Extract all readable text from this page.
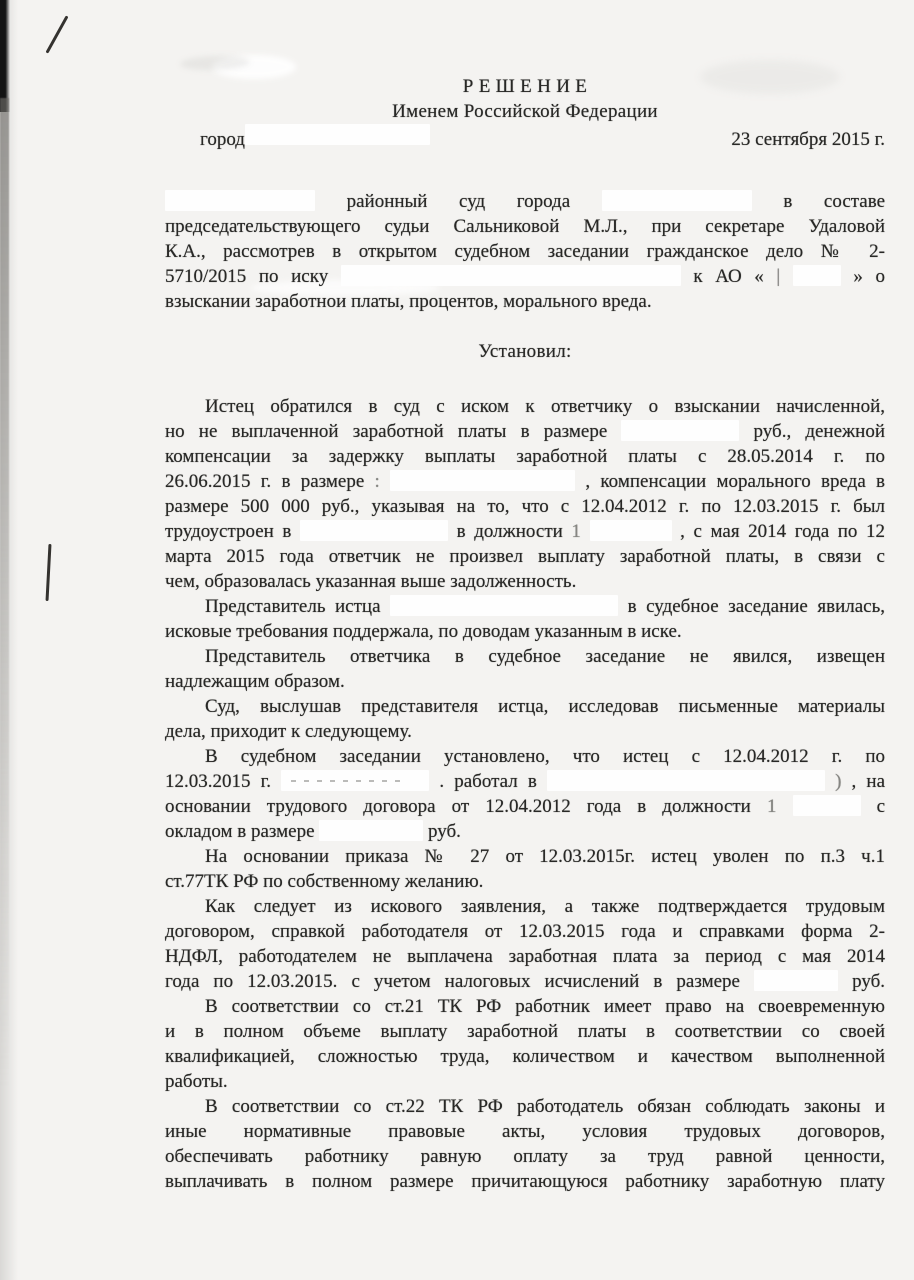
Р Е Ш Е Н И Е
Именем Российской Федерации
город	23 сентября 2015 г.
районный суд города	в составе
председательствующего судьи Сальниковой М.Л., при секретаре Удаловой
К.А., рассмотрев в открытом судебном заседании гражданское дело № 2-
5710/2015 по иску	к АО « |	» о
взыскании заработнои платы, процентов, морального вреда.
Установил:
Истец обратился в суд с иском к ответчику о взыскании начисленной,
но не выплаченной заработной платы в размере	руб., денежной
компенсации за задержку выплаты заработной платы с 28.05.2014 г. по
26.06.2015 г. в размере :	, компенсации морального вреда в
размере 500 000 руб., указывая на то, что с 12.04.2012 г. по 12.03.2015 г. был
трудоустроен в	в должности 1	, с мая 2014 года по 12
марта 2015 года ответчик не произвел выплату заработной платы, в связи с
чем, образовалась указанная выше задолженность.
Представитель истца	в судебное заседание явилась,
исковые требования поддержала, по доводам указанным в иске.
Представитель ответчика в судебное заседание не явился, извещен
надлежащим образом.
Суд, выслушав представителя истца, исследовав письменные материалы
дела, приходит к следующему.
В судебном заседании установлено, что истец с 12.04.2012 г. по
12.03.2015 г.	. работал в	) , на
основании трудового договора от 12.04.2012 года в должности 1	с
окладом в размере	руб.
На основании приказа № 27 от 12.03.2015г. истец уволен по п.3 ч.1
ст.77ТК РФ по собственному желанию.
Как следует из искового заявления, а также подтверждается трудовым
договором, справкой работодателя от 12.03.2015 года и справками форма 2-
НДФЛ, работодателем не выплачена заработная плата за период с мая 2014
года по 12.03.2015. с учетом налоговых исчислений в размере	руб.
В соответствии со ст.21 ТК РФ работник имеет право на своевременную
и в полном объеме выплату заработной платы в соответствии со своей
квалификацией, сложностью труда, количеством и качеством выполненной
работы.
В соответствии со ст.22 ТК РФ работодатель обязан соблюдать законы и
иные нормативные правовые акты, условия трудовых договоров,
обеспечивать работнику равную оплату за труд равной ценности,
выплачивать в полном размере причитающуюся работнику заработную плату
